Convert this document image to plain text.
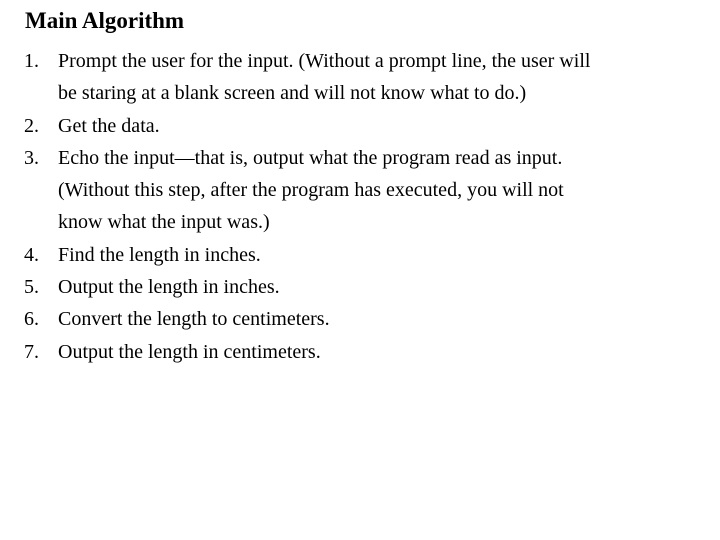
Main Algorithm
1. Prompt the user for the input. (Without a prompt line, the user will
be staring at a blank screen and will not know what to do.)
2. Get the data.
3. Echo the input—that is, output what the program read as input.
(Without this step, after the program has executed, you will not
know what the input was.)
4. Find the length in inches.
5. Output the length in inches.
6. Convert the length to centimeters.
7. Output the length in centimeters.
